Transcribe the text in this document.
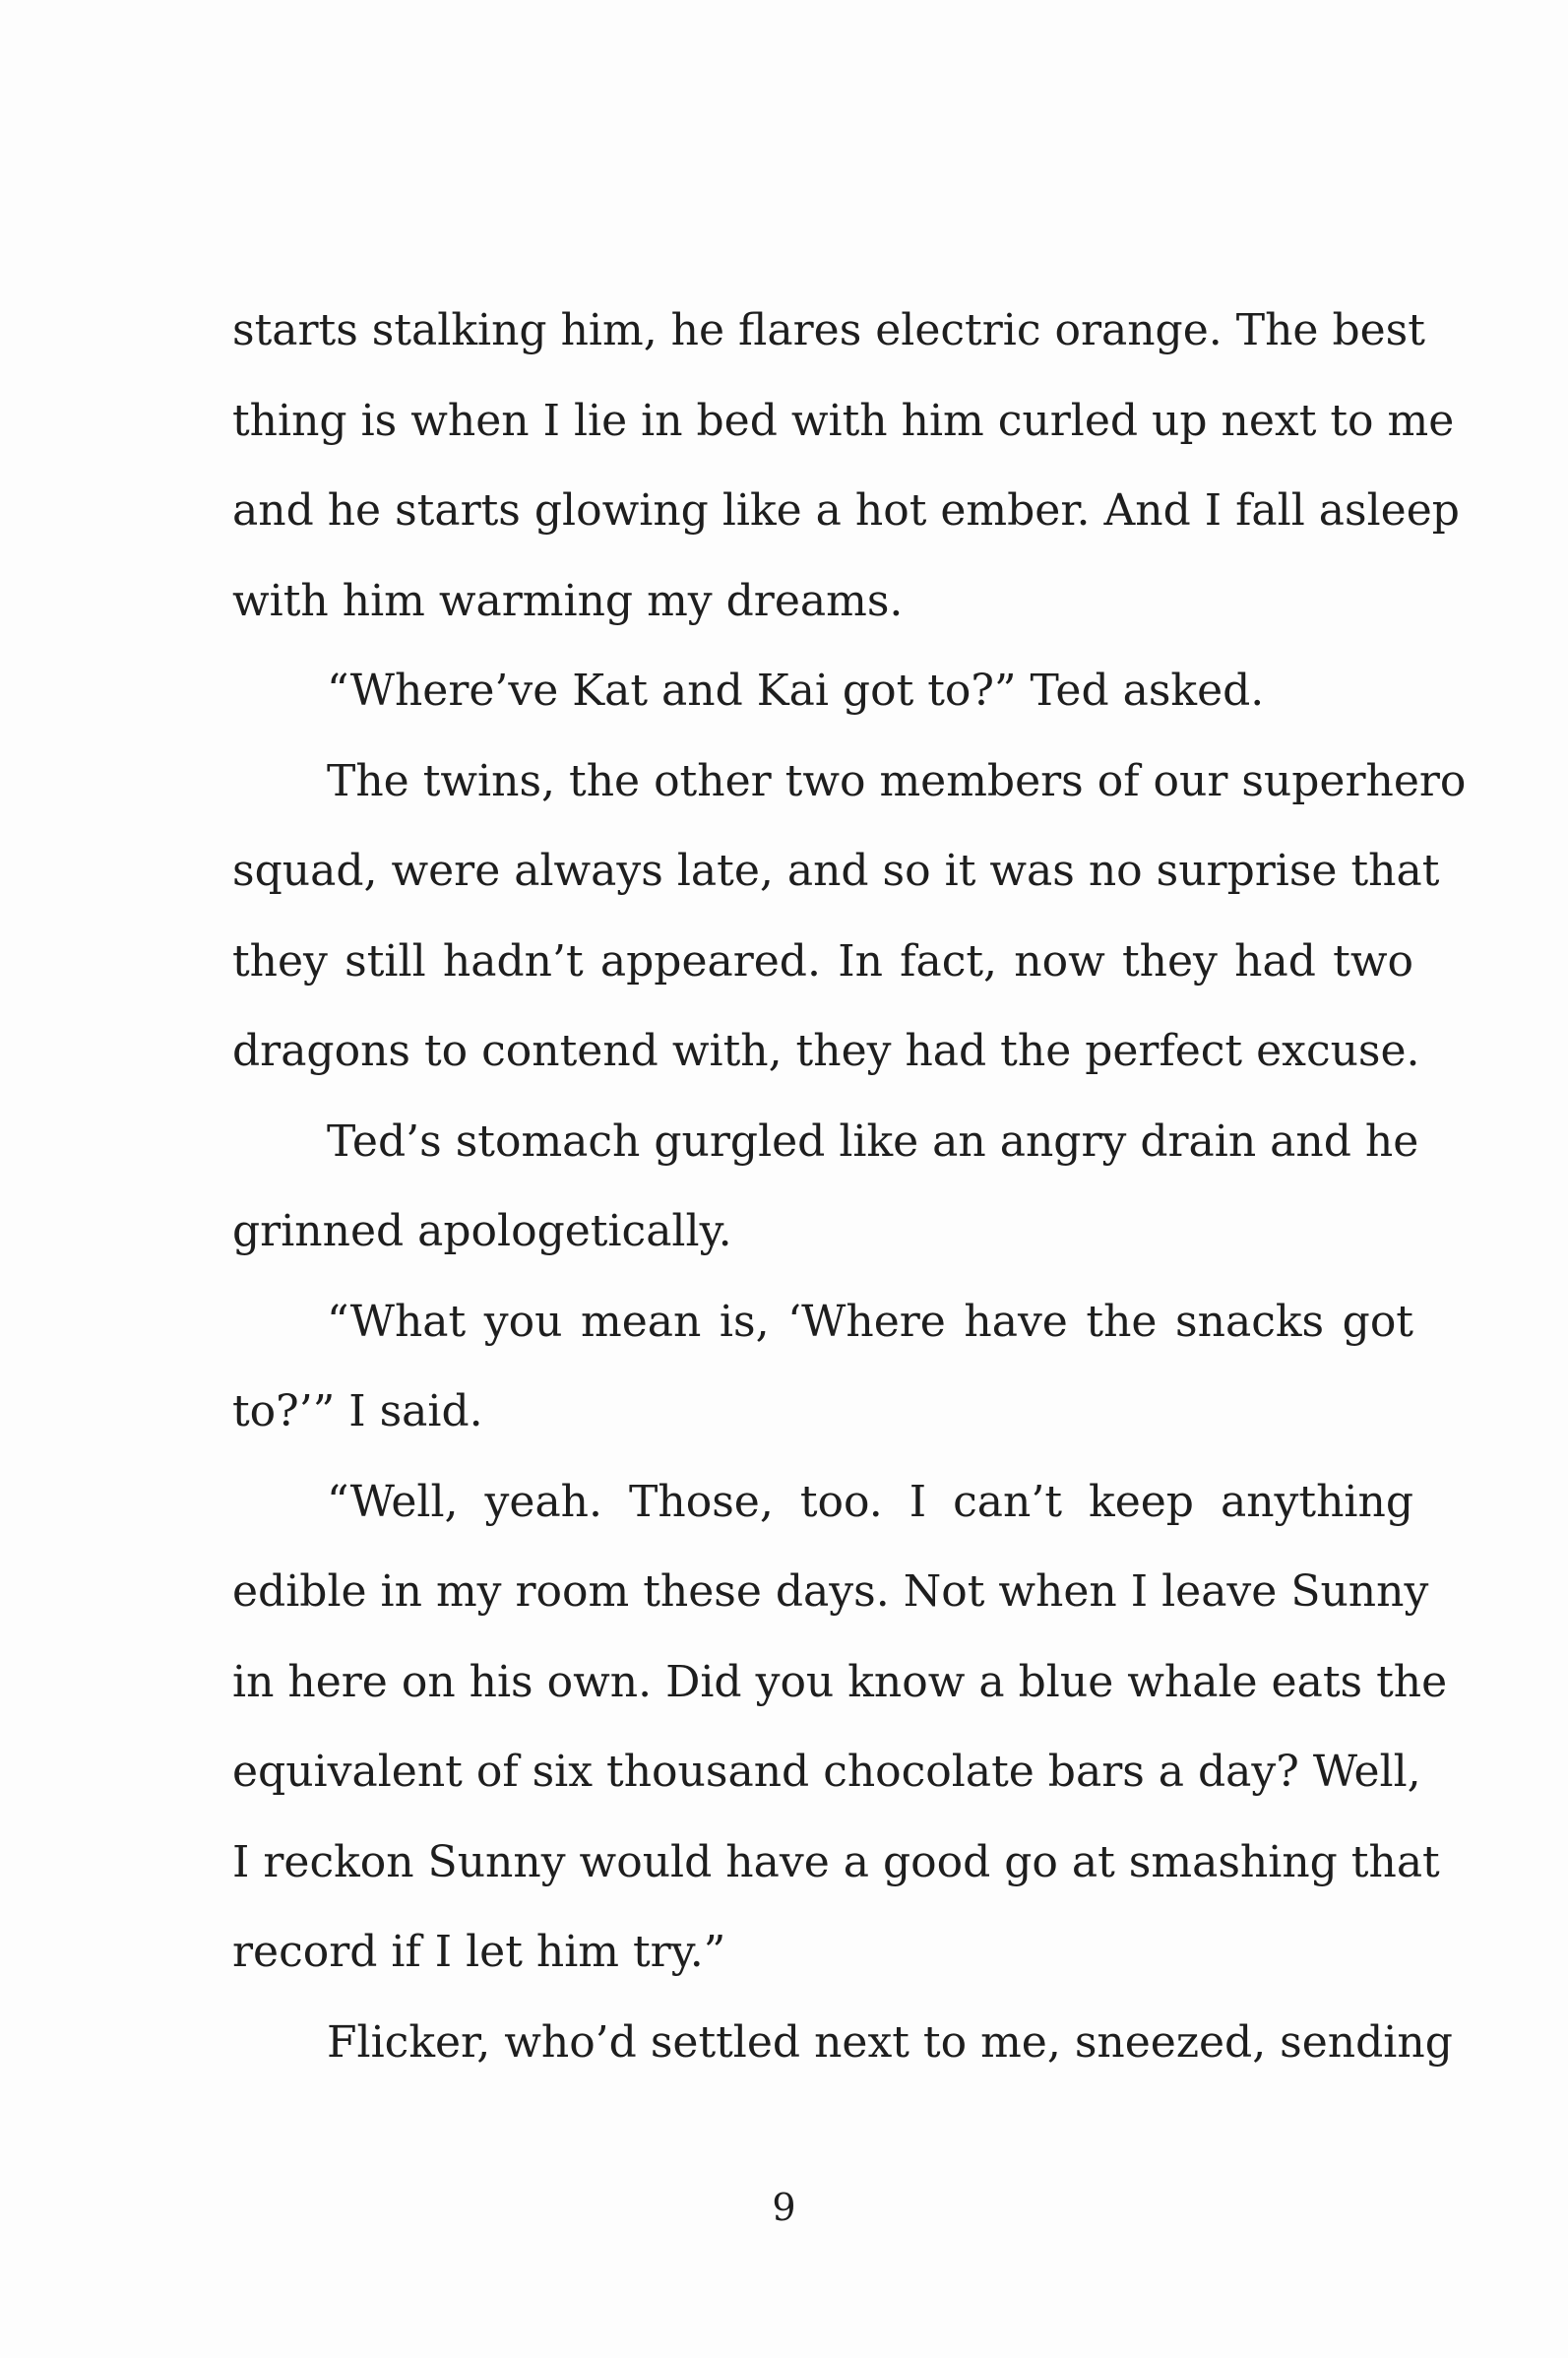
starts stalking him, he flares electric orange. The best
thing is when I lie in bed with him curled up next to me
and he starts glowing like a hot ember. And I fall asleep
with him warming my dreams.
“Where’ve Kat and Kai got to?” Ted asked.
The twins, the other two members of our superhero
squad, were always late, and so it was no surprise that
they still hadn’t appeared. In fact, now they had two
dragons to contend with, they had the perfect excuse.
Ted’s stomach gurgled like an angry drain and he
grinned apologetically.
“What you mean is, ‘Where have the snacks got
to?’” I said.
“Well, yeah. Those, too. I can’t keep anything
edible in my room these days. Not when I leave Sunny
in here on his own. Did you know a blue whale eats the
equivalent of six thousand chocolate bars a day? Well,
I reckon Sunny would have a good go at smashing that
record if I let him try.”
Flicker, who’d settled next to me, sneezed, sending
9
